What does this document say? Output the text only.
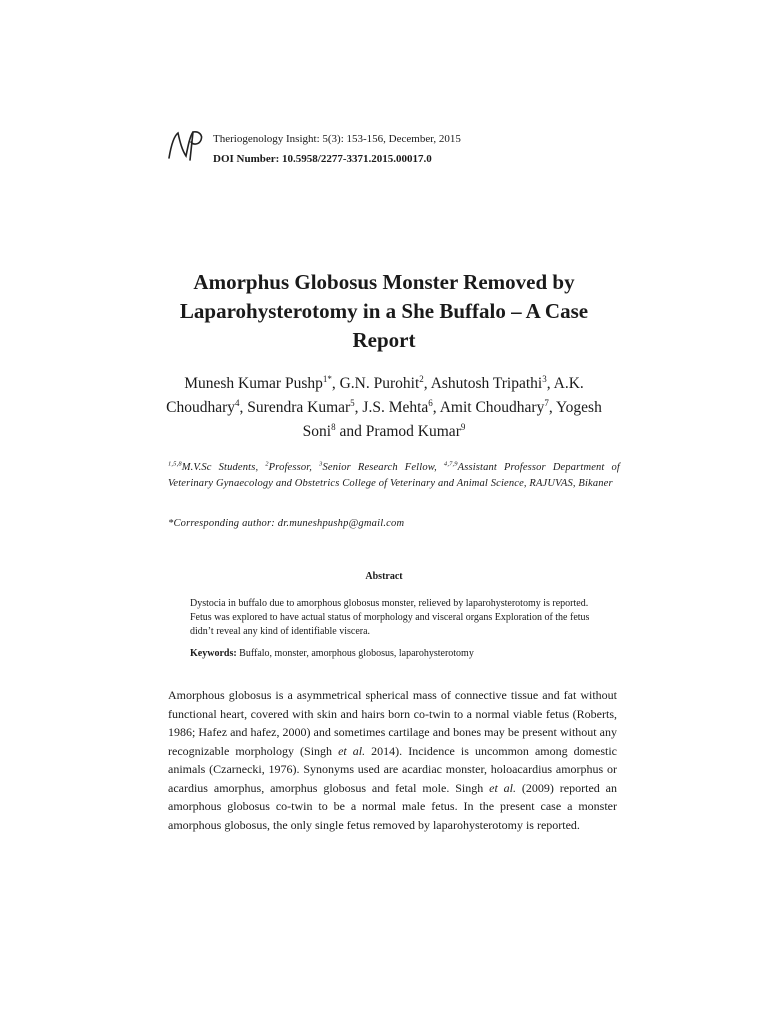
Theriogenology Insight: 5(3): 153-156, December, 2015
DOI Number: 10.5958/2277-3371.2015.00017.0
Amorphus Globosus Monster Removed by Laparohysterotomy in a She Buffalo – A Case Report
Munesh Kumar Pushp$^{1*}$, G.N. Purohit$^2$, Ashutosh Tripathi$^3$, A.K. Choudhary$^4$, Surendra Kumar$^5$, J.S. Mehta$^6$, Amit Choudhary$^7$, Yogesh Soni$^8$ and Pramod Kumar$^9$
$^{1,5,8}$M.V.Sc Students, $^2$Professor, $^3$Senior Research Fellow, $^{4,7,9}$Assistant Professor Department of Veterinary Gynaecology and Obstetrics College of Veterinary and Animal Science, RAJUVAS, Bikaner
*Corresponding author: dr.muneshpushp@gmail.com
Abstract
Dystocia in buffalo due to amorphous globosus monster, relieved by laparohysterotomy is reported. Fetus was explored to have actual status of morphology and visceral organs Exploration of the fetus didn’t reveal any kind of identifiable viscera.
Keywords: Buffalo, monster, amorphous globosus, laparohysterotomy
Amorphous globosus is a asymmetrical spherical mass of connective tissue and fat without functional heart, covered with skin and hairs born co-twin to a normal viable fetus (Roberts, 1986; Hafez and hafez, 2000) and sometimes cartilage and bones may be present without any recognizable morphology (Singh et al. 2014). Incidence is uncommon among domestic animals (Czarnecki, 1976). Synonyms used are acardiac monster, holoacardius amorphus or acardius amorphus, amorphus globosus and fetal mole. Singh et al. (2009) reported an amorphous globosus co-twin to be a normal male fetus. In the present case a monster amorphous globosus, the only single fetus removed by laparohysterotomy is reported.
